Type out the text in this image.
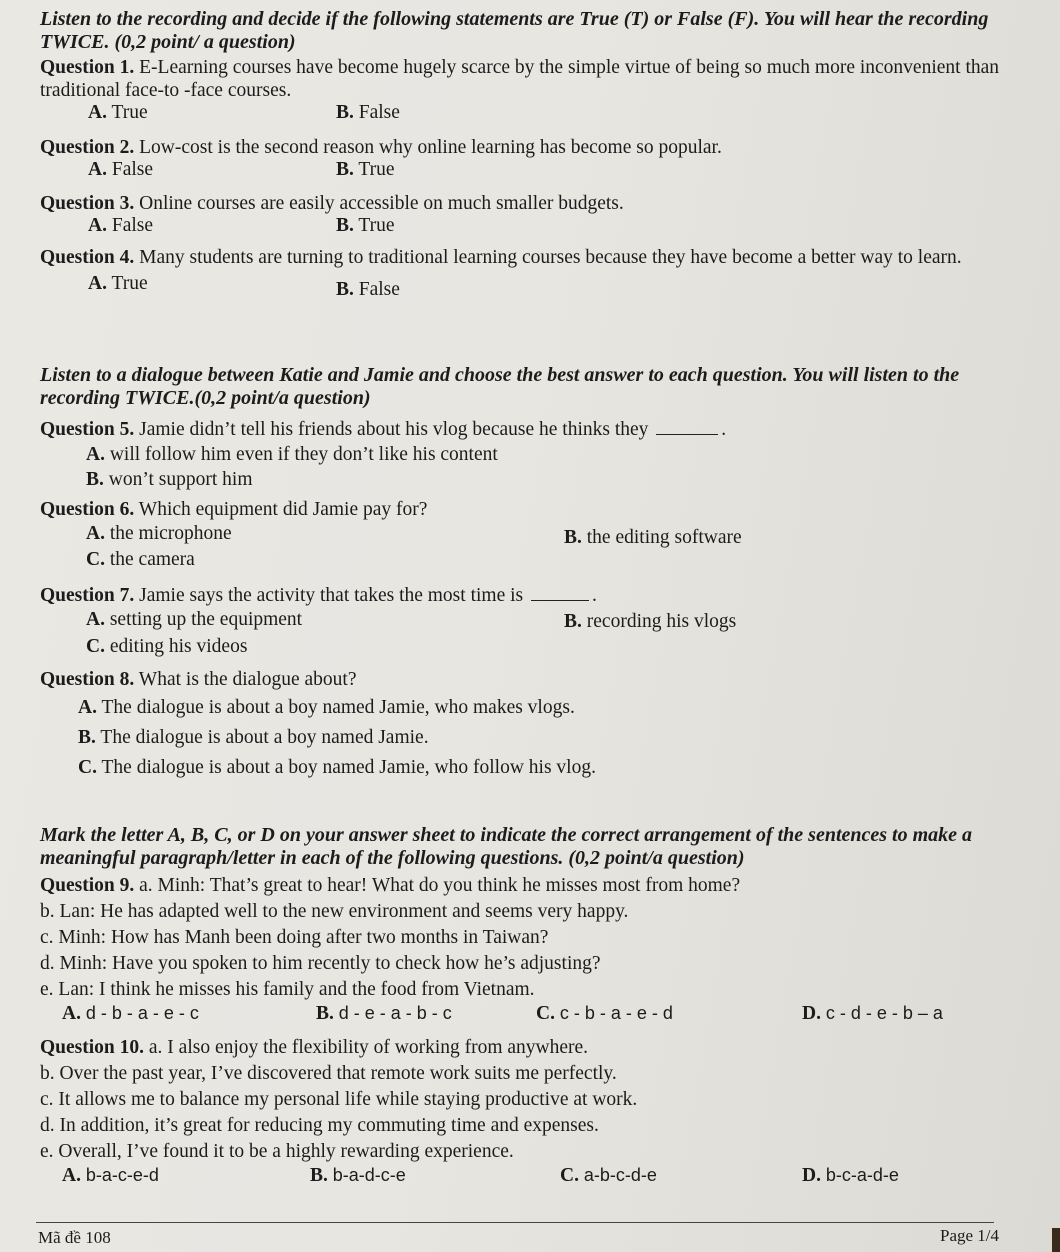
Listen to the recording and decide if the following statements are True (T) or False (F). You will hear the recording TWICE. (0,2 point/ a question)

Question 1. E-Learning courses have become hugely scarce by the simple virtue of being so much more inconvenient than traditional face-to -face courses.

A. True	B. False

Question 2. Low-cost is the second reason why online learning has become so popular.

A. False	B. True

Question 3. Online courses are easily accessible on much smaller budgets.

A. False	B. True

Question 4. Many students are turning to traditional learning courses because they have become a better way to learn.

A. True	B. False

Listen to a dialogue between Katie and Jamie and choose the best answer to each question. You will listen to the recording TWICE.(0,2 point/a question)

Question 5. Jamie didn’t tell his friends about his vlog because he thinks they	.

A. will follow him even if they don’t like his content

B. won’t support him

Question 6. Which equipment did Jamie pay for?

A. the microphone	B. the editing software

C. the camera

Question 7. Jamie says the activity that takes the most time is	.

A. setting up the equipment	B. recording his vlogs

C. editing his videos

Question 8. What is the dialogue about?

A. The dialogue is about a boy named Jamie, who makes vlogs.

B. The dialogue is about a boy named Jamie.

C. The dialogue is about a boy named Jamie, who follow his vlog.

Mark the letter A, B, C, or D on your answer sheet to indicate the correct arrangement of the sentences to make a meaningful paragraph/letter in each of the following questions. (0,2 point/a question)

Question 9. a. Minh: That’s great to hear! What do you think he misses most from home?

b. Lan: He has adapted well to the new environment and seems very happy.

c. Minh: How has Manh been doing after two months in Taiwan?

d. Minh: Have you spoken to him recently to check how he’s adjusting?

e. Lan: I think he misses his family and the food from Vietnam.

A. d - b - a - e - c	B. d - e - a - b - c	C. c - b - a - e - d	D. c - d - e - b – a

Question 10. a. I also enjoy the flexibility of working from anywhere.

b. Over the past year, I’ve discovered that remote work suits me perfectly.

c. It allows me to balance my personal life while staying productive at work.

d. In addition, it’s great for reducing my commuting time and expenses.

e. Overall, I’ve found it to be a highly rewarding experience.

A. b-a-c-e-d	B. b-a-d-c-e	C. a-b-c-d-e	D. b-c-a-d-e
Mã đề 108	Page 1/4
